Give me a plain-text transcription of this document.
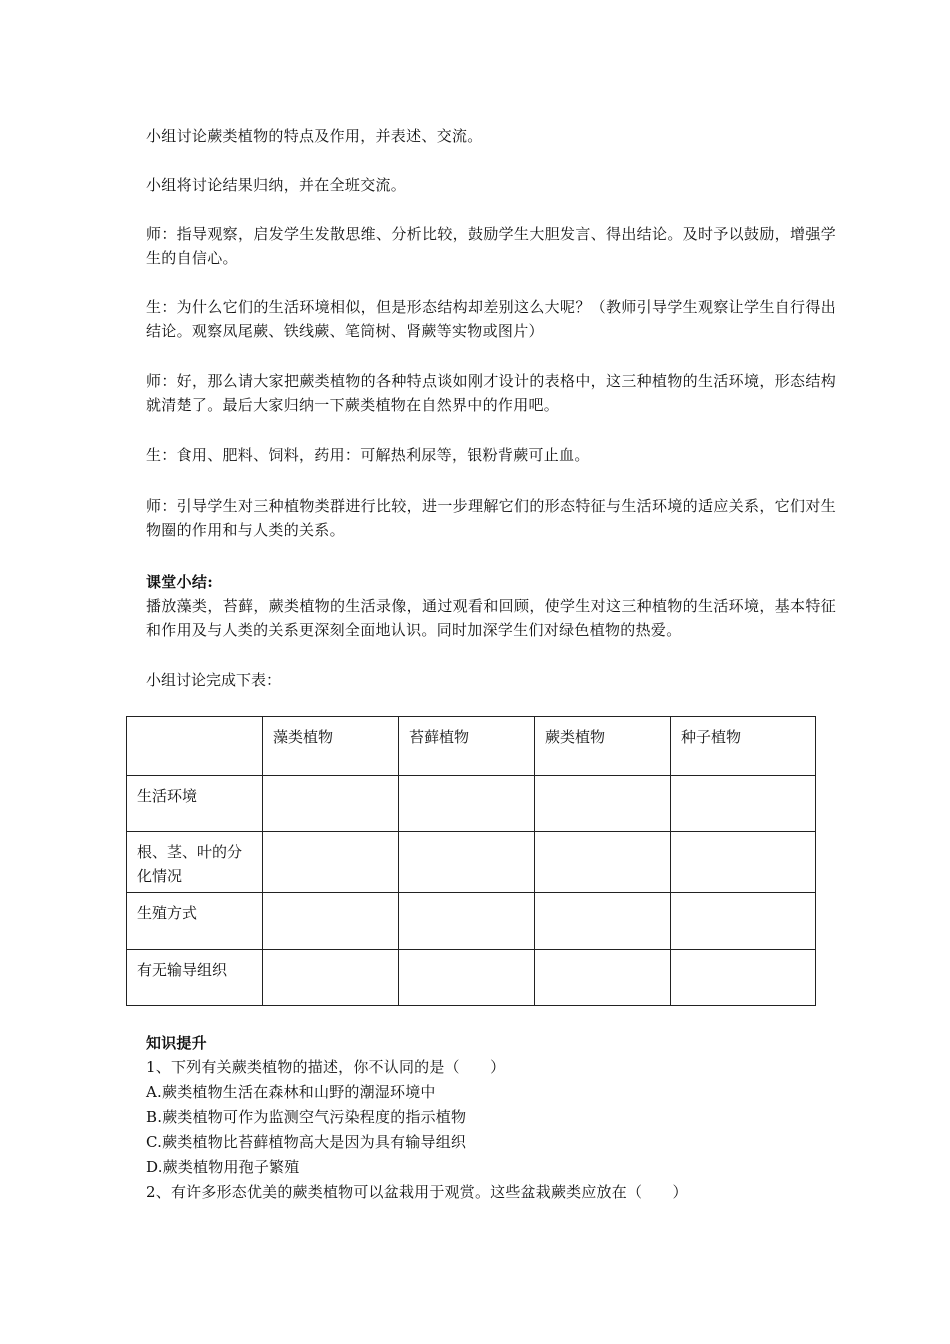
小组讨论蕨类植物的特点及作用，并表述、交流。
小组将讨论结果归纳，并在全班交流。
师：指导观察，启发学生发散思维、分析比较，鼓励学生大胆发言、得出结论。及时予以鼓励，增强学生的自信心。
生：为什么它们的生活环境相似，但是形态结构却差别这么大呢？（教师引导学生观察让学生自行得出结论。观察凤尾蕨、铁线蕨、笔筒树、肾蕨等实物或图片）
师：好，那么请大家把蕨类植物的各种特点谈如刚才设计的表格中，这三种植物的生活环境，形态结构就清楚了。最后大家归纳一下蕨类植物在自然界中的作用吧。
生：食用、肥料、饲料，药用：可解热利尿等，银粉背蕨可止血。
师：引导学生对三种植物类群进行比较，进一步理解它们的形态特征与生活环境的适应关系，它们对生物圈的作用和与人类的关系。
课堂小结:
播放藻类，苔藓，蕨类植物的生活录像，通过观看和回顾，使学生对这三种植物的生活环境，基本特征和作用及与人类的关系更深刻全面地认识。同时加深学生们对绿色植物的热爱。
小组讨论完成下表：
	藻类植物	苔藓植物	蕨类植物	种子植物
生活环境				
根、茎、叶的分化情况				
生殖方式				
有无输导组织				
知识提升
1、下列有关蕨类植物的描述，你不认同的是（　　）
A.蕨类植物生活在森林和山野的潮湿环境中
B.蕨类植物可作为监测空气污染程度的指示植物
C.蕨类植物比苔藓植物高大是因为具有输导组织
D.蕨类植物用孢子繁殖
2、有许多形态优美的蕨类植物可以盆栽用于观赏。这些盆栽蕨类应放在（　　）
